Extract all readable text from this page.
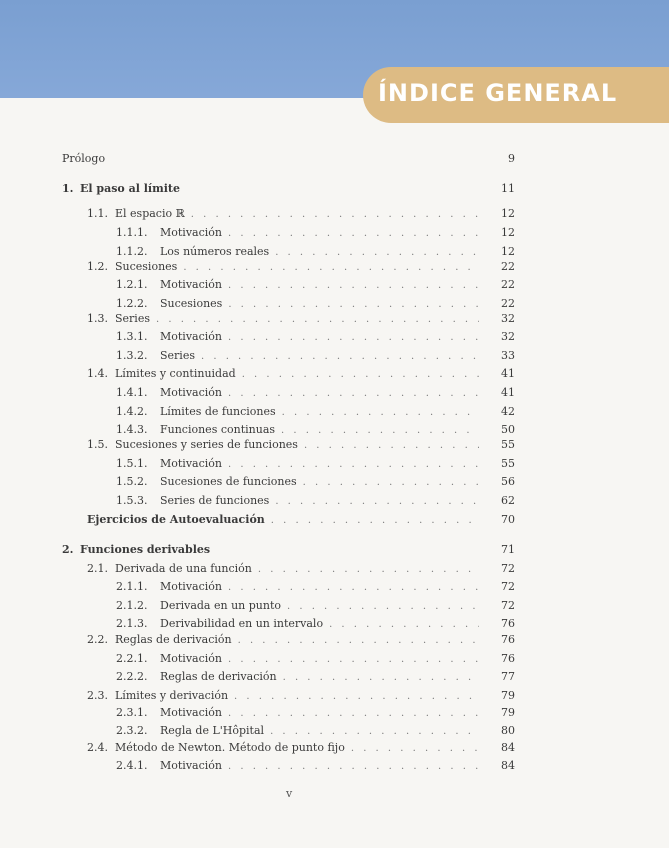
ÍNDICE GENERAL
Prólogo	9
1. El paso al límite	11
1.1. El espacio ℝ . . .	12
1.1.1.	Motivación . . .	12
1.1.2.	Los números reales . . .	12
1.2. Sucesiones . . .	22
1.2.1.	Motivación . . .	22
1.2.2.	Sucesiones . . .	22
1.3. Series . . .	32
1.3.1.	Motivación . . .	32
1.3.2.	Series . . .	33
1.4. Límites y continuidad . . .	41
1.4.1.	Motivación . . .	41
1.4.2.	Límites de funciones . . .	42
1.4.3.	Funciones continuas . . .	50
1.5. Sucesiones y series de funciones . . .	55
1.5.1.	Motivación . . .	55
1.5.2.	Sucesiones de funciones . . .	56
1.5.3.	Series de funciones . . .	62
Ejercicios de Autoevaluación . . .	70
2. Funciones derivables	71
2.1. Derivada de una función . . .	72
2.1.1.	Motivación . . .	72
2.1.2.	Derivada en un punto . . .	72
2.1.3.	Derivabilidad en un intervalo . . .	76
2.2. Reglas de derivación . . .	76
2.2.1.	Motivación . . .	76
2.2.2.	Reglas de derivación . . .	77
2.3. Límites y derivación . . .	79
2.3.1.	Motivación . . .	79
2.3.2.	Regla de L'Hôpital . . .	80
2.4. Método de Newton. Método de punto fijo . . .	84
2.4.1.	Motivación . . .	84
v
